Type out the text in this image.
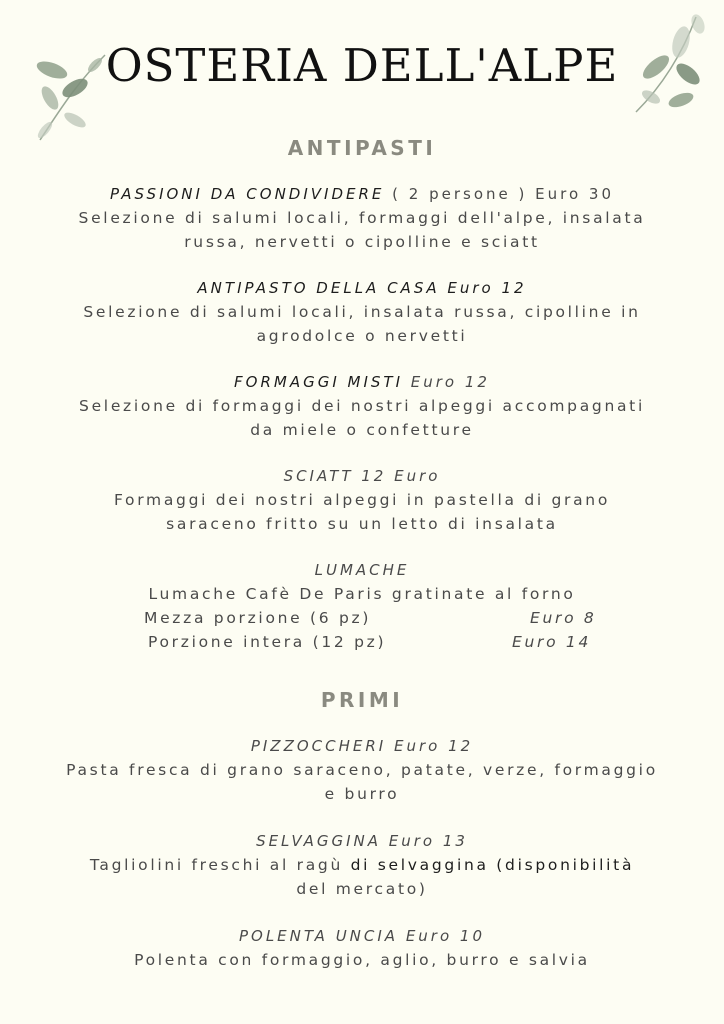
OSTERIA DELL'ALPE
ANTIPASTI
PASSIONI DA CONDIVIDERE ( 2 persone ) Euro 30
Selezione di salumi locali, formaggi dell'alpe, insalata
russa, nervetti o cipolline e sciatt
ANTIPASTO DELLA CASA Euro 12
Selezione di salumi locali, insalata russa, cipolline in
agrodolce o nervetti
FORMAGGI MISTI Euro 12
Selezione di formaggi dei nostri alpeggi accompagnati
da miele o confetture
SCIATT 12 Euro
Formaggi dei nostri alpeggi in pastella di grano
saraceno fritto su un letto di insalata
LUMACHE
Lumache Cafè De Paris gratinate al forno
Mezza porzione (6 pz)	Euro 8
Porzione intera (12 pz)	Euro 14
PRIMI
PIZZOCCHERI Euro 12
Pasta fresca di grano saraceno, patate, verze, formaggio
e burro
SELVAGGINA Euro 13
Tagliolini freschi al ragù di selvaggina (disponibilità
del mercato)
POLENTA UNCIA Euro 10
Polenta con formaggio, aglio, burro e salvia
